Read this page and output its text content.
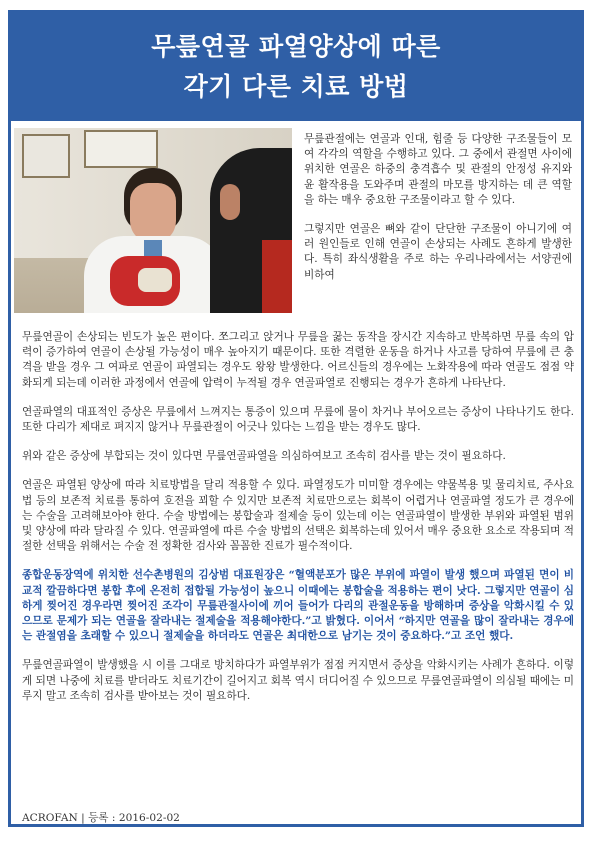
무릎연골 파열양상에 따른
각기 다른 치료 방법

무릎관절에는 연골과 인대, 힘줄 등 다양한 구조물들이 모여 각각의 역할을 수행하고 있다. 그 중에서 관절면 사이에 위치한 연골은 하중의 충격흡수 및 관절의 안정성 유지와 윤 활작용을 도와주며 관절의 마모를 방지하는 데 큰 역할을 하는 매우 중요한 구조물이라고 할 수 있다.

그렇지만 연골은 뼈와 같이 단단한 구조물이 아니기에 여러 원인들로 인해 연골이 손상되는 사례도 흔하게 발생한다. 특히 좌식생활을 주로 하는 우리나라에서는 서양권에 비하여

무릎연골이 손상되는 빈도가 높은 편이다. 쪼그리고 앉거나 무릎을 꿇는 동작을 장시간 지속하고 반복하면 무릎 속의 압력이 증가하여 연골이 손상될 가능성이 매우 높아지기 때문이다. 또한 격렬한 운동을 하거나 사고를 당하여 무릎에 큰 충격을 받을 경우 그 여파로 연골이 파열되는 경우도 왕왕 발생한다. 어르신들의 경우에는 노화작용에 따라 연골도 점점 약화되게 되는데 이러한 과정에서 연골에 압력이 누적될 경우 연골파열로 진행되는 경우가 흔하게 나타난다.

연골파열의 대표적인 증상은 무릎에서 느껴지는 통증이 있으며 무릎에 물이 차거나 부어오르는 증상이 나타나기도 한다. 또한 다리가 제대로 펴지지 않거나 무릎관절이 어긋나 있다는 느낌을 받는 경우도 많다.

위와 같은 증상에 부합되는 것이 있다면 무릎연골파열을 의심하여보고 조속히 검사를 받는 것이 필요하다.

연골은 파열된 양상에 따라 치료방법을 달리 적용할 수 있다. 파열정도가 미미할 경우에는 약물복용 및 물리치료, 주사요법 등의 보존적 치료를 통하여 호전을 꾀할 수 있지만 보존적 치료만으로는 회복이 어렵거나 연골파열 정도가 큰 경우에는 수술을 고려해보아야 한다. 수술 방법에는 봉합술과 절제술 등이 있는데 이는 연골파열이 발생한 부위와 파열된 범위 및 양상에 따라 달라질 수 있다. 연골파열에 따른 수술 방법의 선택은 회복하는데 있어서 매우 중요한 요소로 작용되며 적절한 선택을 위해서는 수술 전 정확한 검사와 꼼꼼한 진료가 필수적이다.

종합운동장역에 위치한 선수촌병원의 김상범 대표원장은 “혈액분포가 많은 부위에 파열이 발생 했으며 파열된 면이 비교적 깔끔하다면 봉합 후에 온전히 접합될 가능성이 높으니 이때에는 봉합술을 적용하는 편이 낫다. 그렇지만 연골이 심하게 찢어진 경우라면 찢어진 조각이 무릎관절사이에 끼어 들어가 다리의 관절운동을 방해하며 증상을 악화시킬 수 있으므로 문제가 되는 연골을 잘라내는 절제술을 적용해야한다.”고 밝혔다. 이어서 “하지만 연골을 많이 잘라내는 경우에는 관절염을 초래할 수 있으니 절제술을 하더라도 연골은 최대한으로 남기는 것이 중요하다.”고 조언 했다.

무릎연골파열이 발생했을 시 이를 그대로 방치하다가 파열부위가 점점 커지면서 증상을 악화시키는 사례가 흔하다. 이렇게 되면 나중에 치료를 받더라도 치료기간이 길어지고 회복 역시 더디어질 수 있으므로 무릎연골파열이 의심될 때에는 미루지 말고 조속히 검사를 받아보는 것이 필요하다.

ACROFAN | 등록 : 2016-02-02
